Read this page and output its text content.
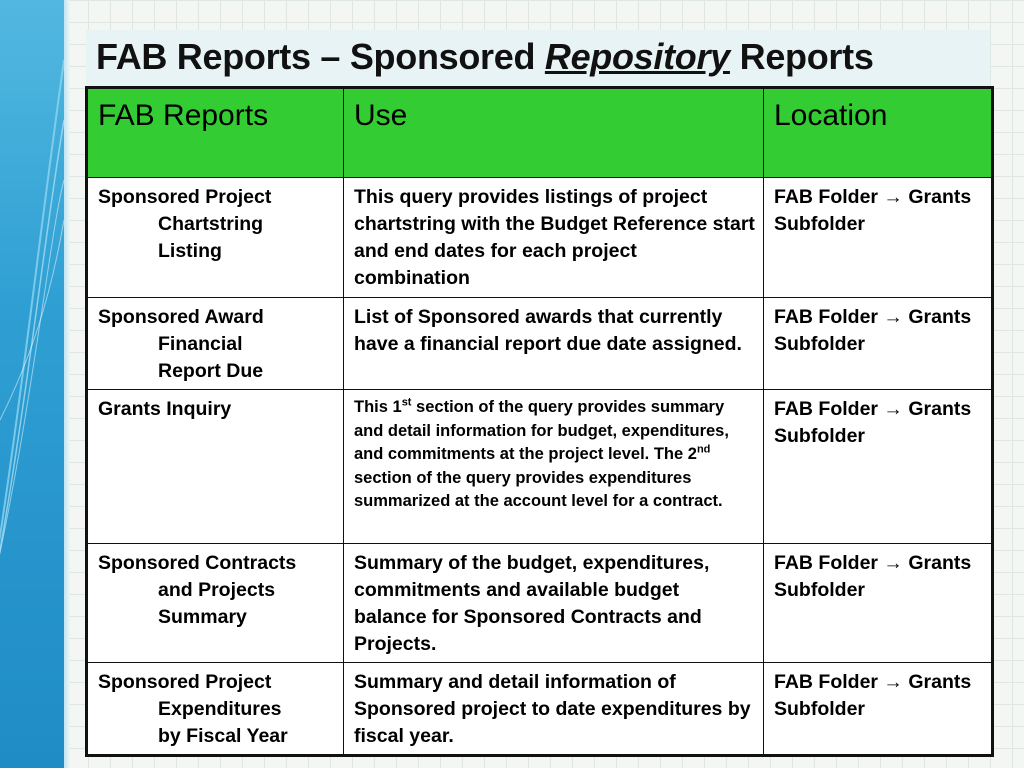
FAB Reports – Sponsored Repository Reports
FAB Reports	Use	Location

Sponsored Project
Chartstring
Listing	This query provides listings of project chartstring with the Budget Reference start and end dates for each project combination	FAB Folder → Grants Subfolder

Sponsored Award
Financial
Report Due	List of Sponsored awards that currently have a financial report due date assigned.	FAB Folder → Grants Subfolder

Grants Inquiry	This 1st section of the query provides summary and detail information for budget, expenditures, and commitments at the project level. The 2nd section of the query provides expenditures summarized at the account level for a contract.	FAB Folder → Grants Subfolder

Sponsored Contracts
and Projects
Summary	Summary of the budget, expenditures, commitments and available budget balance for Sponsored Contracts and Projects.	FAB Folder → Grants Subfolder

Sponsored Project
Expenditures
by Fiscal Year	Summary and detail information of Sponsored project to date expenditures by fiscal year.	FAB Folder → Grants Subfolder
